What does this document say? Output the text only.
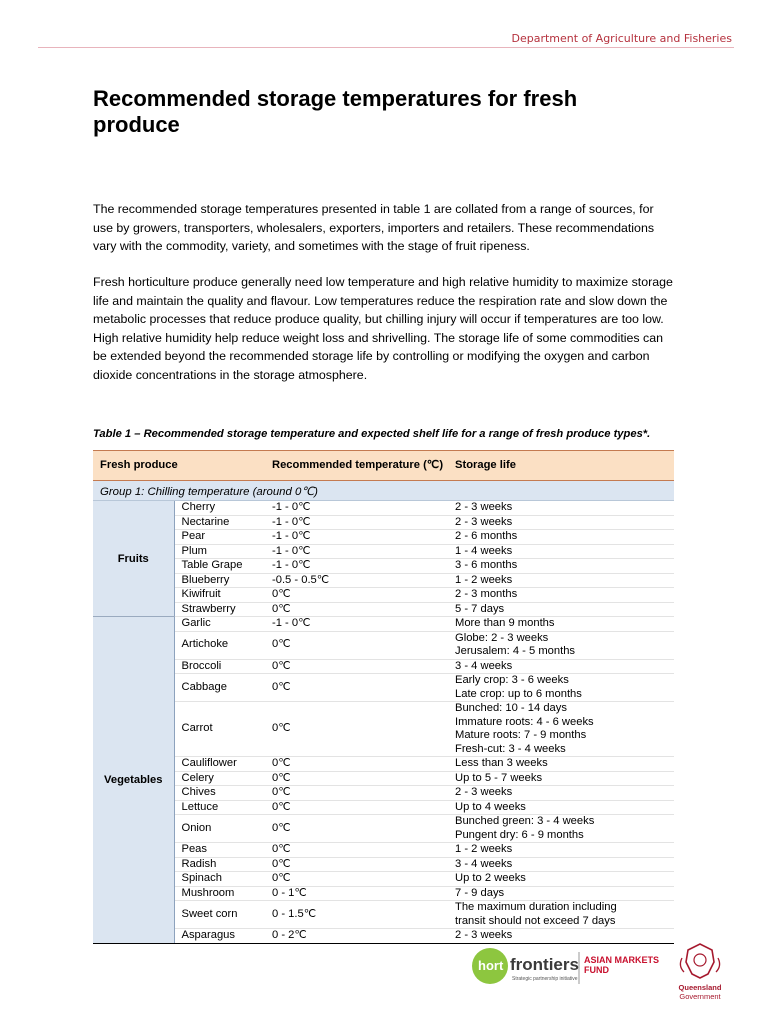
Department of Agriculture and Fisheries
Recommended storage temperatures for fresh produce

The recommended storage temperatures presented in table 1 are collated from a range of sources, for use by growers, transporters, wholesalers, exporters, importers and retailers. These recommendations vary with the commodity, variety, and sometimes with the stage of fruit ripeness.

Fresh horticulture produce generally need low temperature and high relative humidity to maximize storage life and maintain the quality and flavour. Low temperatures reduce the respiration rate and slow down the metabolic processes that reduce produce quality, but chilling injury will occur if temperatures are too low. High relative humidity help reduce weight loss and shrivelling. The storage life of some commodities can be extended beyond the recommended storage life by controlling or modifying the oxygen and carbon dioxide concentrations in the storage atmosphere.

Table 1 – Recommended storage temperature and expected shelf life for a range of fresh produce types*.
Fresh produce		Recommended temperature (℃)	Storage life
Group 1: Chilling temperature (around 0℃)			
Fruits	Cherry	-1 - 0℃	2 - 3 weeks
	Nectarine	-1 - 0℃	2 - 3 weeks
	Pear	-1 - 0℃	2 - 6 months
	Plum	-1 - 0℃	1 - 4 weeks
	Table Grape	-1 - 0℃	3 - 6 months
	Blueberry	-0.5 - 0.5℃	1 - 2 weeks
	Kiwifruit	0℃	2 - 3 months
	Strawberry	0℃	5 - 7 days
Vegetables	Garlic	-1 - 0℃	More than 9 months
	Artichoke	0℃	Globe: 2 - 3 weeks
Jerusalem: 4 - 5 months
	Broccoli	0℃	3 - 4 weeks
	Cabbage	0℃	Early crop: 3 - 6 weeks
Late crop: up to 6 months
	Carrot	0℃	Bunched: 10 - 14 days
Immature roots: 4 - 6 weeks
Mature roots: 7 - 9 months
Fresh-cut: 3 - 4 weeks
	Cauliflower	0℃	Less than 3 weeks
	Celery	0℃	Up to 5 - 7 weeks
	Chives	0℃	2 - 3 weeks
	Lettuce	0℃	Up to 4 weeks
	Onion	0℃	Bunched green: 3 - 4 weeks
Pungent dry: 6 - 9 months
	Peas	0℃	1 - 2 weeks
	Radish	0℃	3 - 4 weeks
	Spinach	0℃	Up to 2 weeks
	Mushroom	0 - 1℃	7 - 9 days
	Sweet corn	0 - 1.5℃	The maximum duration including
transit should not exceed 7 days
	Asparagus	0 - 2℃	2 - 3 weeks
hort frontiers
Strategic partnership initiative
ASIAN MARKETS
FUND
Queensland
Government
